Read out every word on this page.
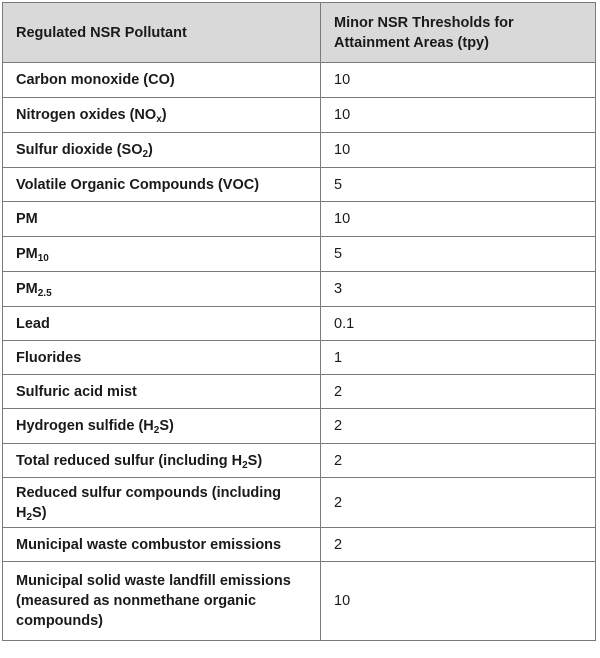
Regulated NSR Pollutant	Minor NSR Thresholds for Attainment Areas (tpy)
Carbon monoxide (CO)	10
Nitrogen oxides $(NO_x)$	10
Sulfur dioxide $(SO_2)$	10
Volatile Organic Compounds (VOC)	5
PM	10
$PM_{10}$	5
$PM_{2.5}$	3
Lead	0.1
Fluorides	1
Sulfuric acid mist	2
Hydrogen sulfide $(H_2S)$	2
Total reduced sulfur (including $H_2S$)	2
Reduced sulfur compounds (including $H_2S$)	2
Municipal waste combustor emissions	2
Municipal solid waste landfill emissions (measured as nonmethane organic compounds)	10
